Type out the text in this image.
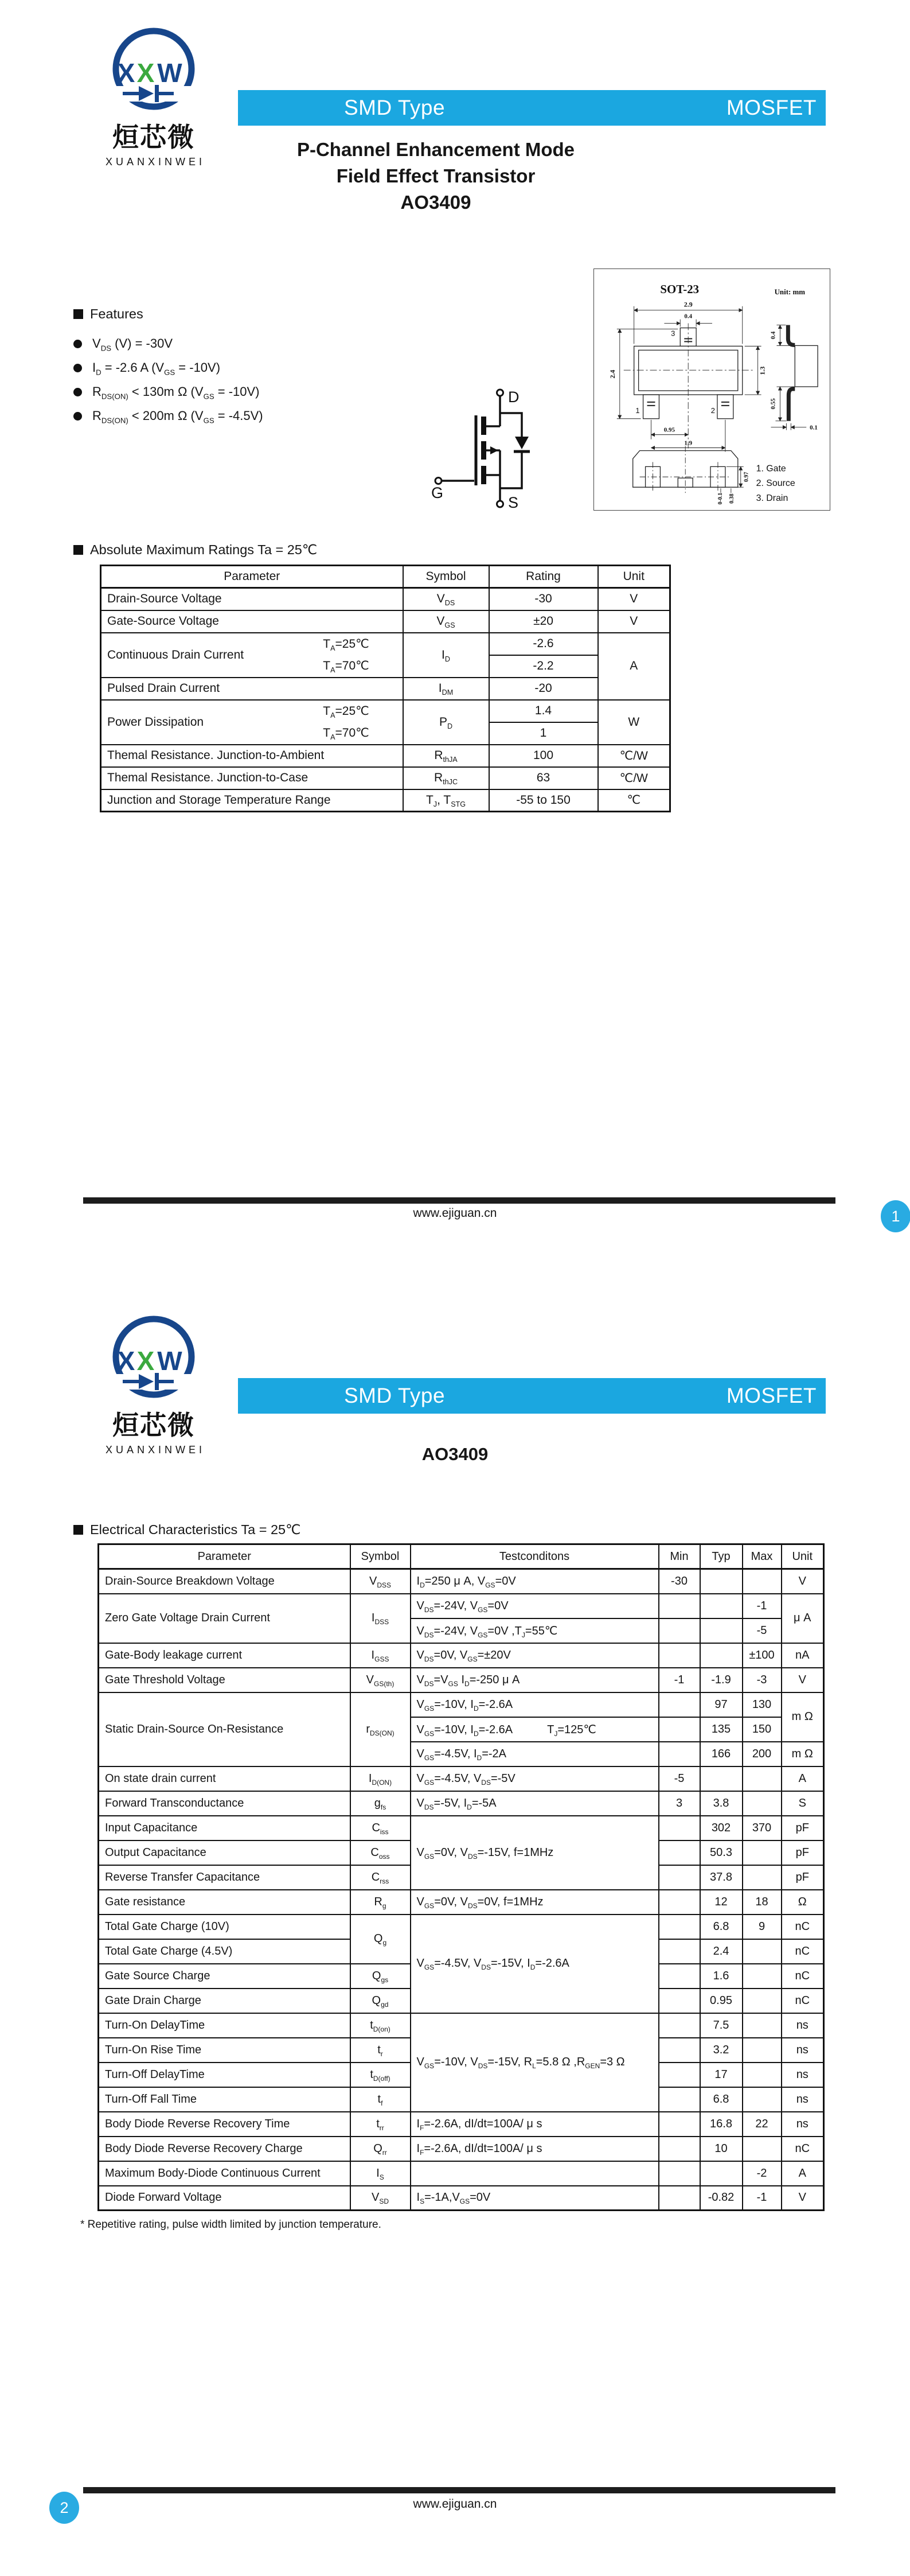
X X W
烜芯微
XUANXINWEI
SMD Type	MOSFET
P-Channel Enhancement Mode
Field Effect Transistor
AO3409
Features
$V_{DS}$ (V) = -30V
$I_D = -2.6$ A $(V_{GS} = -10V)$
$R_{DS(ON)} < 130m$ Ω $(V_{GS} = -10V)$
$R_{DS(ON)} < 200m$ Ω $(V_{GS} = -4.5V)$
D
G
S
SOT-23	Unit: mm
2.9
0.4
2.4	1.3
0.95
1.9
0.4
0.55
0.1
0.97
0-0.1 0.38
3
1	2
1. Gate
2. Source
3. Drain
Absolute Maximum Ratings Ta = 25℃
Parameter		Symbol	Rating	Unit
Drain-Source Voltage		$V_{DS}$	-30	V
Gate-Source Voltage		$V_{GS}$	±20	V
Continuous Drain Current	$T_A=25℃$	$I_D$	-2.6	A
	$T_A=70℃$		-2.2	
Pulsed Drain Current		$I_{DM}$	-20	
Power Dissipation	$T_A=25℃$	$P_D$	1.4	W
	$T_A=70℃$		1	
Themal Resistance. Junction-to-Ambient		$R_{thJA}$	100	℃/W
Themal Resistance. Junction-to-Case		$R_{thJC}$	63	℃/W
Junction and Storage Temperature Range		$T_J$, $T_{STG}$	-55 to 150	℃
www.ejiguan.cn	1
X X W
烜芯微
XUANXINWEI
SMD Type	MOSFET
AO3409
Electrical Characteristics Ta = 25℃
Parameter	Symbol	Testconditons	Min	Typ	Max	Unit
Drain-Source Breakdown Voltage	$V_{DSS}$	$I_D=250$ μ A, $V_{GS}=0V$	-30			V
Zero Gate Voltage Drain Current	$I_{DSS}$	$V_{DS}=-24V$, $V_{GS}=0V$			-1	μ A
		$V_{DS}=-24V$, $V_{GS}=0V$ $,T_J=55℃$			-5	
Gate-Body leakage current	$I_{GSS}$	$V_{DS}=0V$, $V_{GS}=\pm 20V$			±100	nA
Gate Threshold Voltage	$V_{GS(th)}$	$V_{DS}=V_{GS}$ $I_D=-250$ μ A	-1	-1.9	-3	V
Static Drain-Source On-Resistance	$r_{DS(ON)}$	$V_{GS}=-10V$, $I_D=-2.6A$		97	130	m Ω
		$V_{GS}=-10V$, $I_D=-2.6A$   $T_J=125℃$		135	150	
		$V_{GS}=-4.5V$, $I_D=-2A$		166	200	m Ω
On state drain current	$I_{D(ON)}$	$V_{GS}=-4.5V$, $V_{DS}=-5V$	-5			A
Forward Transconductance	$g_{fs}$	$V_{DS}=-5V$, $I_D=-5A$	3	3.8		S
Input Capacitance	$C_{iss}$	$V_{GS}=0V$, $V_{DS}=-15V$, f=1MHz		302	370	pF
Output Capacitance	$C_{oss}$			50.3		pF
Reverse Transfer Capacitance	$C_{rss}$			37.8		pF
Gate resistance	$R_g$	$V_{GS}=0V$, $V_{DS}=0V$, f=1MHz		12	18	Ω
Total Gate Charge (10V)	$Q_g$	$V_{GS}=-4.5V$, $V_{DS}=-15V$, $I_D=-2.6A$		6.8	9	nC
Total Gate Charge (4.5V)				2.4		nC
Gate Source Charge	$Q_{gs}$			1.6		nC
Gate Drain Charge	$Q_{gd}$			0.95		nC
Turn-On DelayTime	$t_{D(on)}$	$V_{GS}=-10V$, $V_{DS}=-15V$, $R_L=5.8$ Ω $,R_{GEN}=3$ Ω		7.5		ns
Turn-On Rise Time	$t_r$			3.2		ns
Turn-Off DelayTime	$t_{D(off)}$			17		ns
Turn-Off Fall Time	$t_f$			6.8		ns
Body Diode Reverse Recovery Time	$t_{rr}$	$I_F=-2.6A$, dI/dt=100A/ μ s		16.8	22	ns
Body Diode Reverse Recovery Charge	$Q_{rr}$	$I_F=-2.6A$, dI/dt=100A/ μ s		10		nC
Maximum Body-Diode Continuous Current	$I_S$				-2	A
Diode Forward Voltage	$V_{SD}$	$I_S=-1A,V_{GS}=0V$		-0.82	-1	V
* Repetitive rating, pulse width limited by junction temperature.
www.ejiguan.cn
2
